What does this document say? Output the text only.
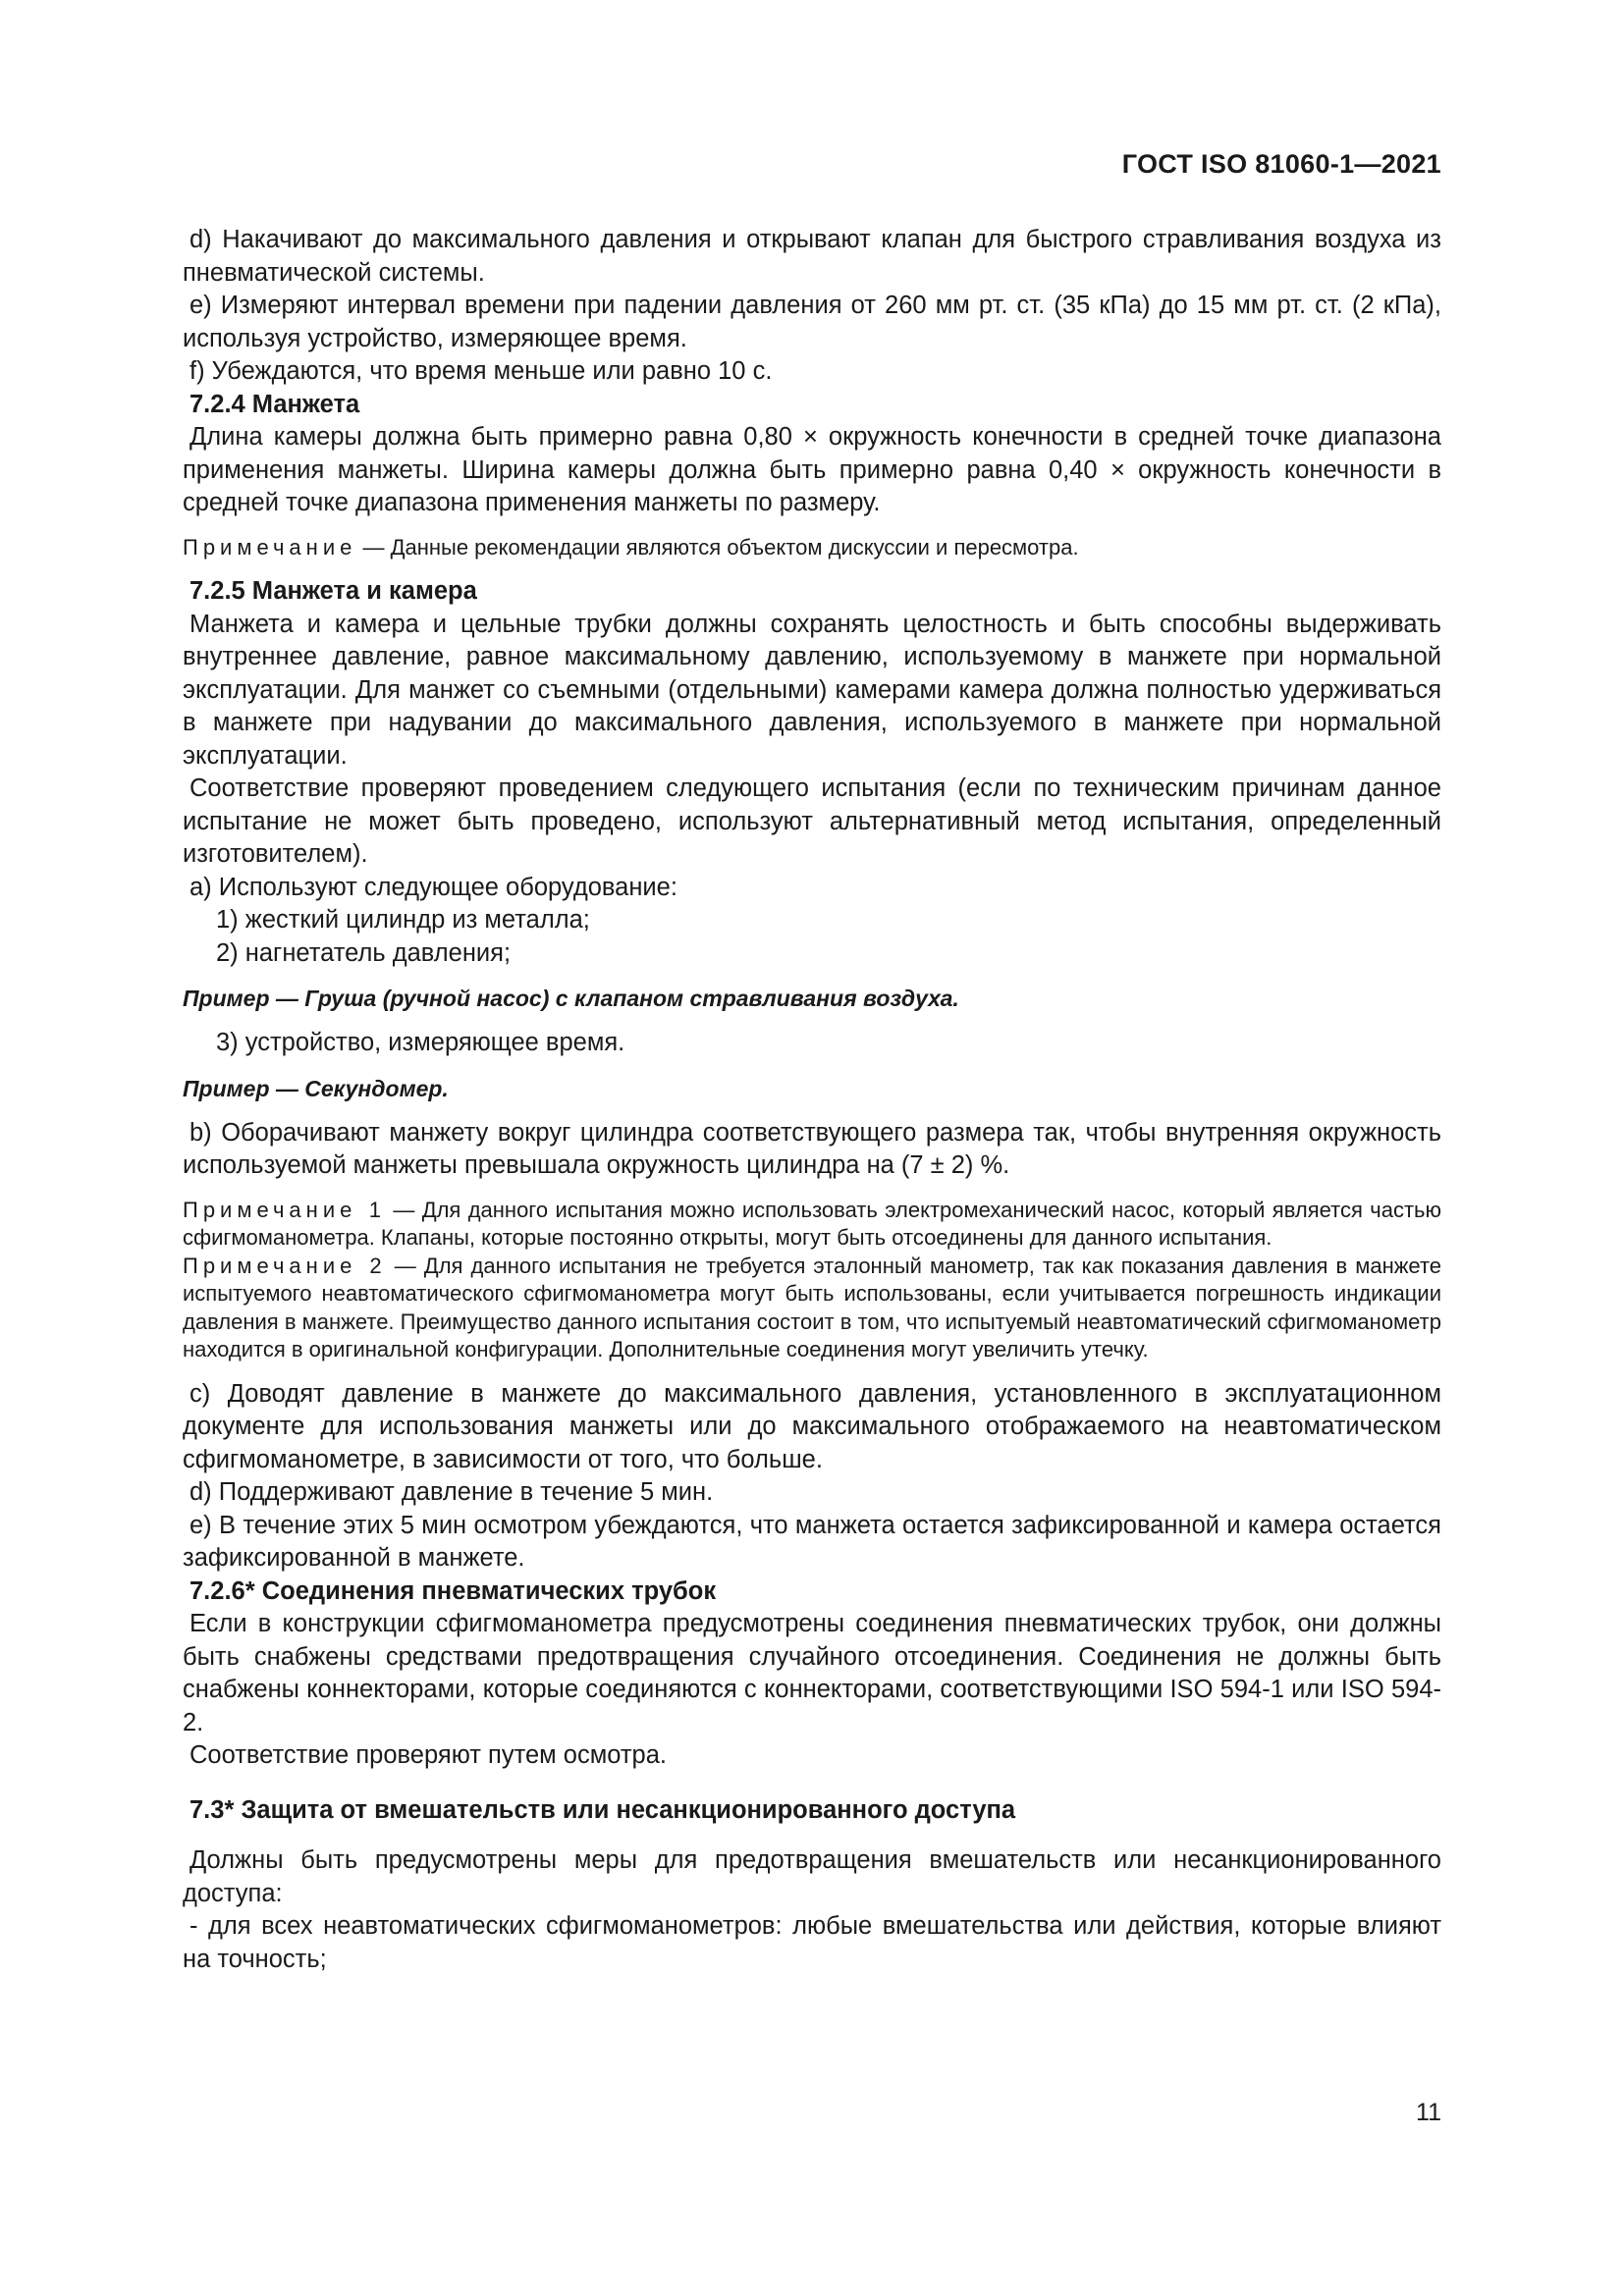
ГОСТ ISO 81060-1—2021

d) Накачивают до максимального давления и открывают клапан для быстрого стравливания воздуха из пневматической системы.

e) Измеряют интервал времени при падении давления от 260 мм рт. ст. (35 кПа) до 15 мм рт. ст. (2 кПа), используя устройство, измеряющее время.

f) Убеждаются, что время меньше или равно 10 с.

7.2.4 Манжета

Длина камеры должна быть примерно равна 0,80 × окружность конечности в средней точке диапазона применения манжеты. Ширина камеры должна быть примерно равна 0,40 × окружность конечности в средней точке диапазона применения манжеты по размеру.

Примечание — Данные рекомендации являются объектом дискуссии и пересмотра.

7.2.5 Манжета и камера

Манжета и камера и цельные трубки должны сохранять целостность и быть способны выдерживать внутреннее давление, равное максимальному давлению, используемому в манжете при нормальной эксплуатации. Для манжет со съемными (отдельными) камерами камера должна полностью удерживаться в манжете при надувании до максимального давления, используемого в манжете при нормальной эксплуатации.

Соответствие проверяют проведением следующего испытания (если по техническим причинам данное испытание не может быть проведено, используют альтернативный метод испытания, определенный изготовителем).

a) Используют следующее оборудование:

1) жесткий цилиндр из металла;

2) нагнетатель давления;

Пример — Груша (ручной насос) с клапаном стравливания воздуха.

3) устройство, измеряющее время.

Пример — Секундомер.

b) Оборачивают манжету вокруг цилиндра соответствующего размера так, чтобы внутренняя окружность используемой манжеты превышала окружность цилиндра на (7 ± 2) %.

Примечание 1 — Для данного испытания можно использовать электромеханический насос, который является частью сфигмоманометра. Клапаны, которые постоянно открыты, могут быть отсоединены для данного испытания.

Примечание 2 — Для данного испытания не требуется эталонный манометр, так как показания давления в манжете испытуемого неавтоматического сфигмоманометра могут быть использованы, если учитывается погрешность индикации давления в манжете. Преимущество данного испытания состоит в том, что испытуемый неавтоматический сфигмоманометр находится в оригинальной конфигурации. Дополнительные соединения могут увеличить утечку.

c) Доводят давление в манжете до максимального давления, установленного в эксплуатационном документе для использования манжеты или до максимального отображаемого на неавтоматическом сфигмоманометре, в зависимости от того, что больше.

d) Поддерживают давление в течение 5 мин.

e) В течение этих 5 мин осмотром убеждаются, что манжета остается зафиксированной и камера остается зафиксированной в манжете.

7.2.6* Соединения пневматических трубок

Если в конструкции сфигмоманометра предусмотрены соединения пневматических трубок, они должны быть снабжены средствами предотвращения случайного отсоединения. Соединения не должны быть снабжены коннекторами, которые соединяются с коннекторами, соответствующими ISO 594-1 или ISO 594-2.

Соответствие проверяют путем осмотра.

7.3* Защита от вмешательств или несанкционированного доступа

Должны быть предусмотрены меры для предотвращения вмешательств или несанкционированного доступа:

- для всех неавтоматических сфигмоманометров: любые вмешательства или действия, которые влияют на точность;

11
